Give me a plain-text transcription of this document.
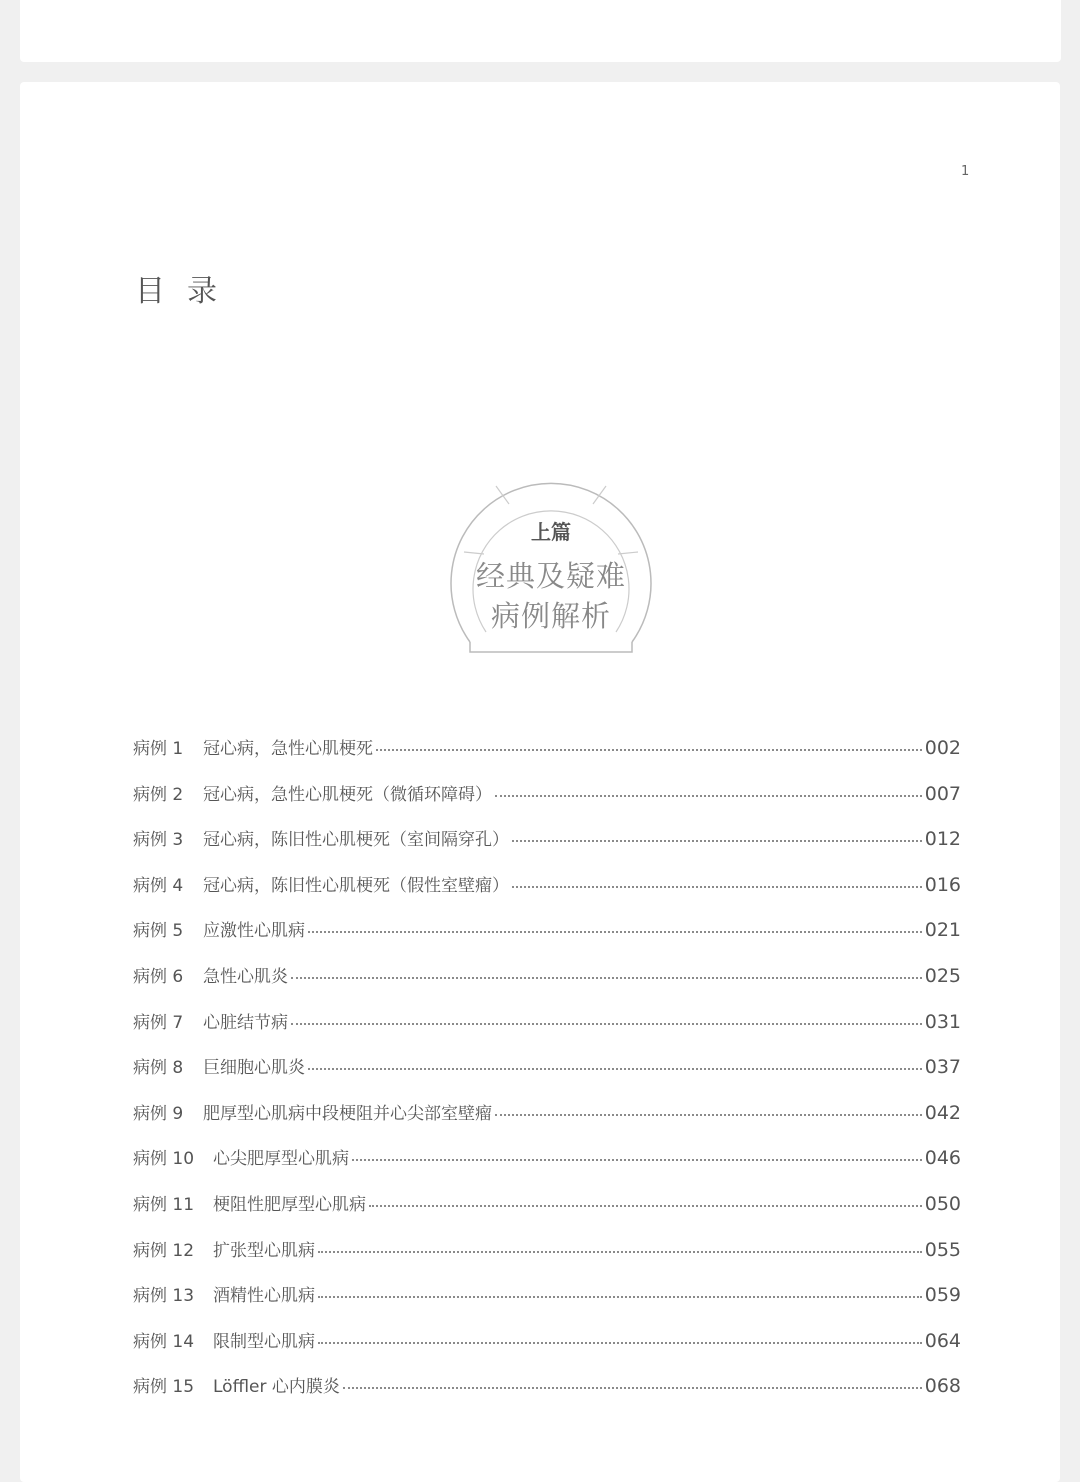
1
目录
上篇
经典及疑难
病例解析
病例 1	冠心病，急性心肌梗死	002
病例 2	冠心病，急性心肌梗死（微循环障碍）	007
病例 3	冠心病，陈旧性心肌梗死（室间隔穿孔）	012
病例 4	冠心病，陈旧性心肌梗死（假性室壁瘤）	016
病例 5	应激性心肌病	021
病例 6	急性心肌炎	025
病例 7	心脏结节病	031
病例 8	巨细胞心肌炎	037
病例 9	肥厚型心肌病中段梗阻并心尖部室壁瘤	042
病例 10	心尖肥厚型心肌病	046
病例 11	梗阻性肥厚型心肌病	050
病例 12	扩张型心肌病	055
病例 13	酒精性心肌病	059
病例 14	限制型心肌病	064
病例 15	Löffler 心内膜炎	068
